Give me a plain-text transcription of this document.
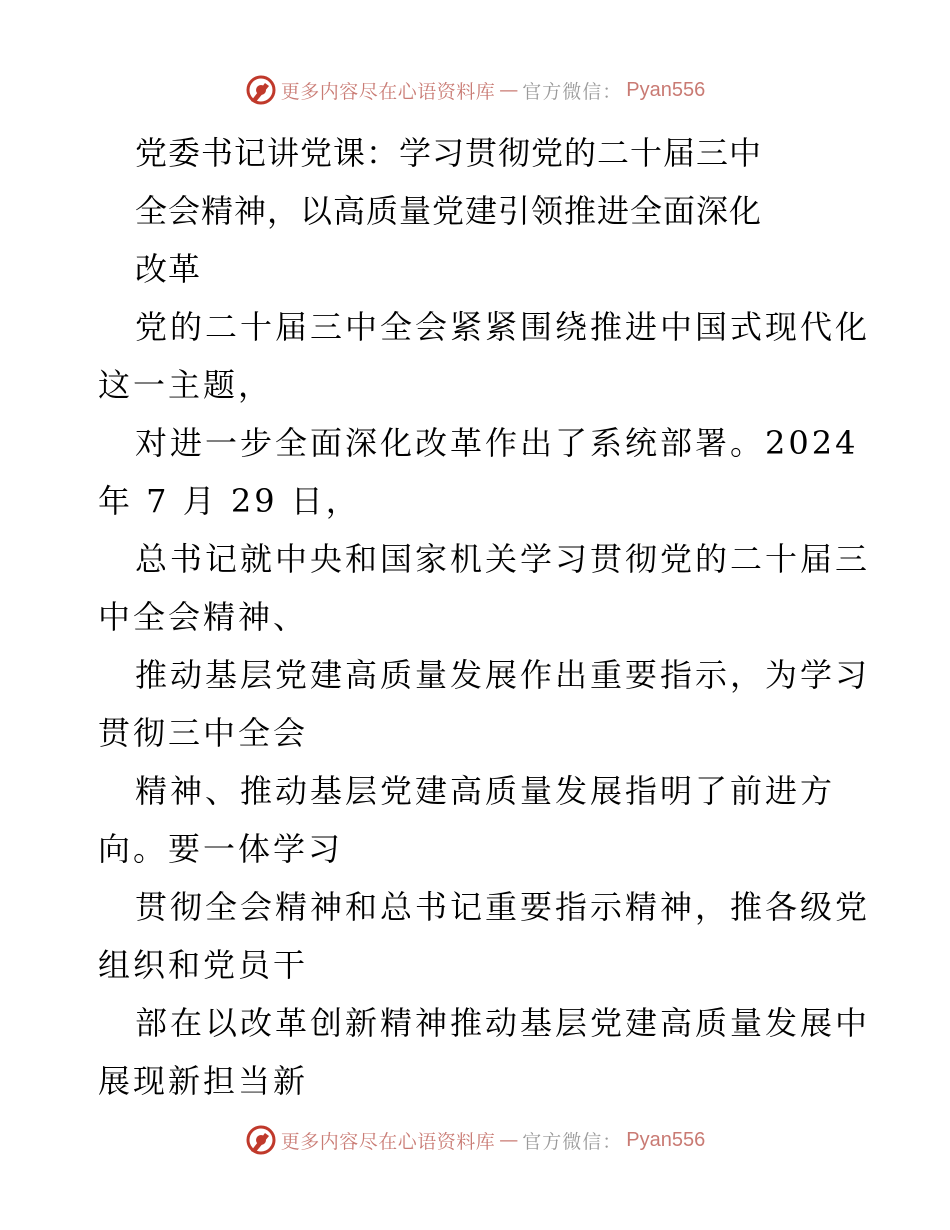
更多内容尽在心语资料库 — 官方微信： Pyan556
党委书记讲党课：学习贯彻党的二十届三中
全会精神，以高质量党建引领推进全面深化
改革
党的二十届三中全会紧紧围绕推进中国式现代化
这一主题，
对进一步全面深化改革作出了系统部署。2024
年 7 月 29 日，
总书记就中央和国家机关学习贯彻党的二十届三
中全会精神、
推动基层党建高质量发展作出重要指示，为学习
贯彻三中全会
精神、推动基层党建高质量发展指明了前进方
向。要一体学习
贯彻全会精神和总书记重要指示精神，推各级党
组织和党员干
部在以改革创新精神推动基层党建高质量发展中
展现新担当新
更多内容尽在心语资料库 — 官方微信： Pyan556
